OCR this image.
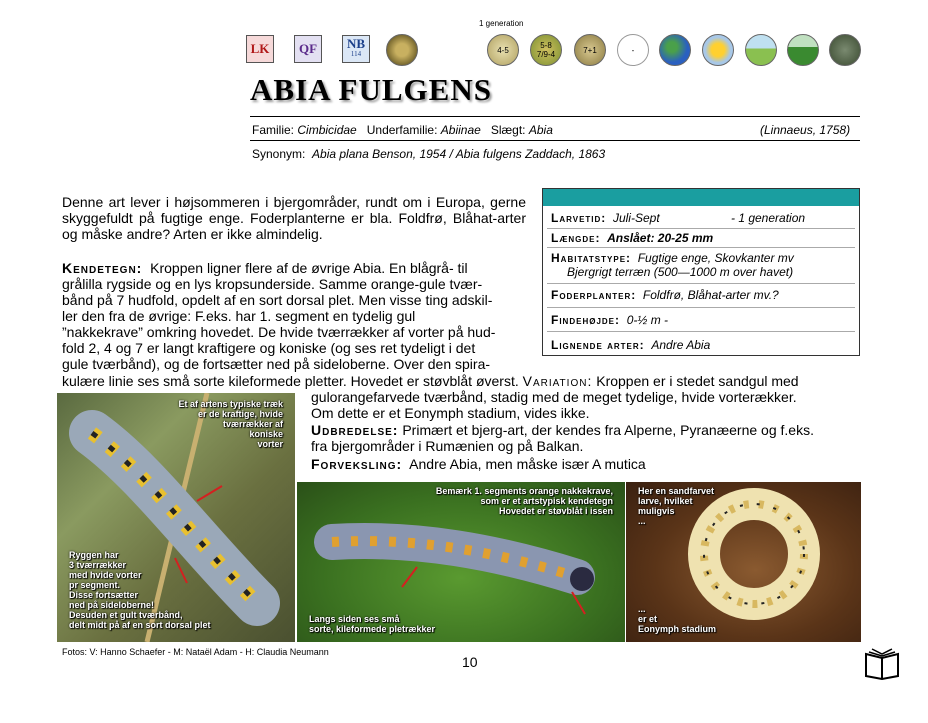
1 generation
LK QF NB
114	4-5	5-8
7/9-4	7+1	-
ABIA FULGENS
Familie: Cimbicidae Underfamilie: Abiinae Slægt: Abia	(Linnaeus, 1758)
Synonym: Abia plana Benson, 1954 / Abia fulgens Zaddach, 1863
Denne art lever i højsommeren i bjergområder, rundt om i Europa, gerne skyggefuldt på fugtige enge. Foderplanterne er bla. Foldfrø, Blåhat-arter og måske andre? Arten er ikke almindelig.
Kendetegn: Kroppen ligner flere af de øvrige Abia. En blågrå- til
grålilla rygside og en lys kropsunderside. Samme orange-gule tvær-
bånd på 7 hudfold, opdelt af en sort dorsal plet. Men visse ting adskil-
ler den fra de øvrige: F.eks. har 1. segment en tydelig gul
”nakkekrave” omkring hovedet. De hvide tværrækker af vorter på hud-
fold 2, 4 og 7 er langt kraftigere og koniske (og ses ret tydeligt i det
gule tværbånd), og de fortsætter ned på sideloberne. Over den spira-
kulære linie ses små sorte kileformede pletter. Hovedet er støvblåt øverst. Variation: Kroppen er i stedet sandgul med
gulorangefarvede tværbånd, stadig med de meget tydelige, hvide vorterækker.
Om dette er et Eonymph stadium, vides ikke.
Udbredelse: Primært et bjerg-art, der kendes fra Alperne, Pyranæerne og f.eks.
fra bjergområder i Rumænien og på Balkan.
Forveksling: Andre Abia, men måske især A mutica
Larvetid: Juli-Sept	- 1 generation
Længde: Anslået: 20-25 mm
Habitatstype: Fugtige enge, Skovkanter mv
Bjergrigt terræn (500—1000 m over havet)
Foderplanter: Foldfrø, Blåhat-arter mv.?
Findehøjde: 0-½ m -
Lignende arter: Andre Abia
Et af artens typiske træk
er de kraftige, hvide
tværrækker af
koniske
vorter
Ryggen har
3 tværrækker
med hvide vorter
pr segment.
Disse fortsætter
ned på sideloberne!
Desuden et gult tværbånd,
delt midt på af en sort dorsal plet
Bemærk 1. segments orange nakkekrave,
som er et artstypisk kendetegn
Hovedet er støvblåt i issen
Langs siden ses små
sorte, kileformede pletrækker
Her en sandfarvet
larve, hvilket
muligvis
...
...
er et
Eonymph stadium
Fotos: V: Hanno Schaefer - M: Nataël Adam - H: Claudia Neumann
10
